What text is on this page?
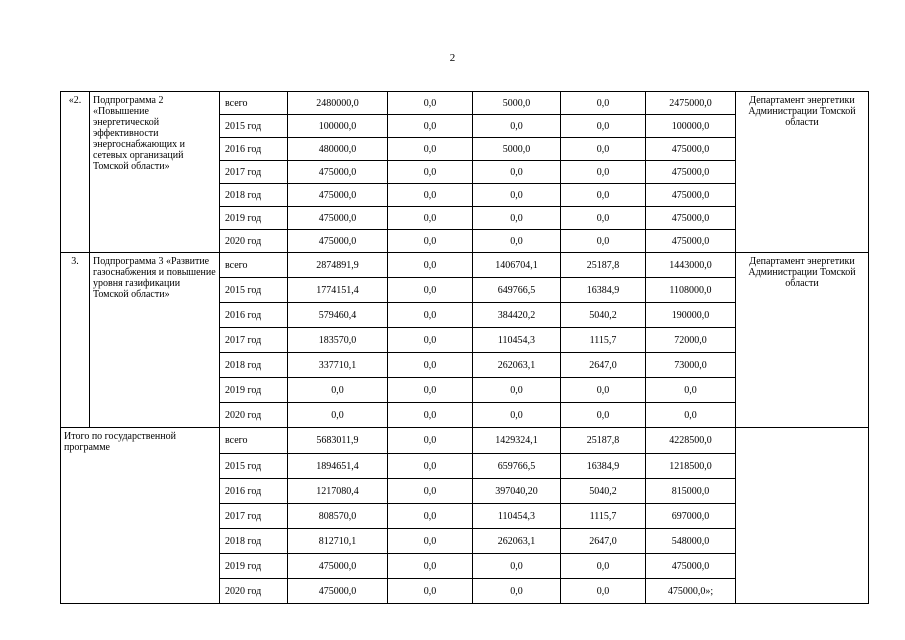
2
«2.	Подпрограмма 2 «Повышение энергетической эффективности энергоснабжающих и сетевых организаций Томской области»	всего	2480000,0	0,0	5000,0	0,0	2475000,0	Департамент энергетики Администрации Томской области
		2015 год	100000,0	0,0	0,0	0,0	100000,0	
		2016 год	480000,0	0,0	5000,0	0,0	475000,0	
		2017 год	475000,0	0,0	0,0	0,0	475000,0	
		2018 год	475000,0	0,0	0,0	0,0	475000,0	
		2019 год	475000,0	0,0	0,0	0,0	475000,0	
		2020 год	475000,0	0,0	0,0	0,0	475000,0	
3.	Подпрограмма 3 «Развитие газоснабжения и повышение уровня газификации Томской области»	всего	2874891,9	0,0	1406704,1	25187,8	1443000,0	Департамент энергетики Администрации Томской области
		2015 год	1774151,4	0,0	649766,5	16384,9	1108000,0	
		2016 год	579460,4	0,0	384420,2	5040,2	190000,0	
		2017 год	183570,0	0,0	110454,3	1115,7	72000,0	
		2018 год	337710,1	0,0	262063,1	2647,0	73000,0	
		2019 год	0,0	0,0	0,0	0,0	0,0	
		2020 год	0,0	0,0	0,0	0,0	0,0	
Итого по государственной программе		всего	5683011,9	0,0	1429324,1	25187,8	4228500,0	
		2015 год	1894651,4	0,0	659766,5	16384,9	1218500,0	
		2016 год	1217080,4	0,0	397040,20	5040,2	815000,0	
		2017 год	808570,0	0,0	110454,3	1115,7	697000,0	
		2018 год	812710,1	0,0	262063,1	2647,0	548000,0	
		2019 год	475000,0	0,0	0,0	0,0	475000,0	
		2020 год	475000,0	0,0	0,0	0,0	475000,0»;	
